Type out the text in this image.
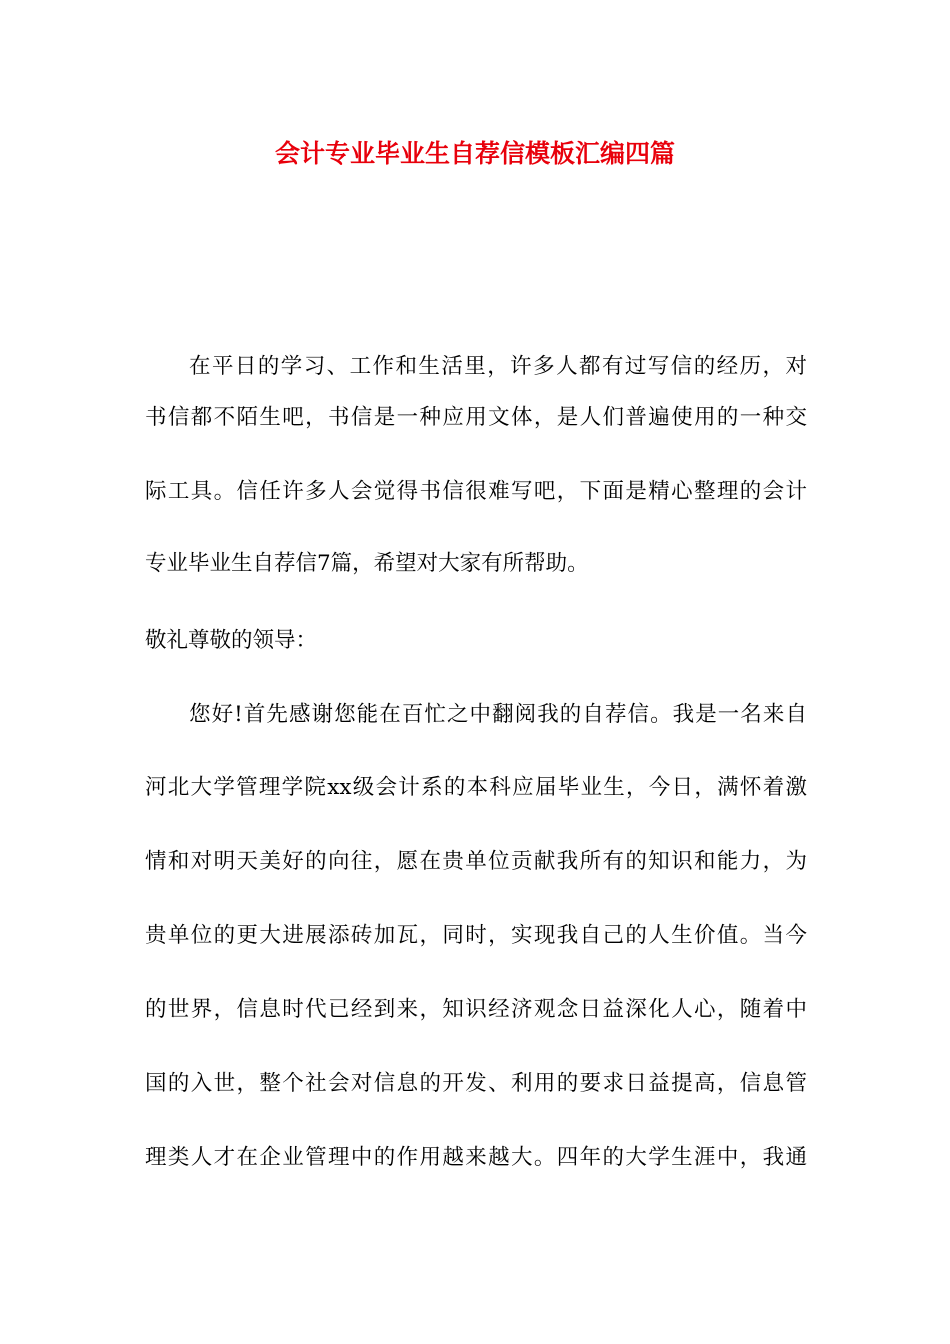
会计专业毕业生自荐信模板汇编四篇
在平日的学习、工作和生活里，许多人都有过写信的经历，对
书信都不陌生吧，书信是一种应用文体，是人们普遍使用的一种交
际工具。信任许多人会觉得书信很难写吧，下面是精心整理的会计
专业毕业生自荐信7篇，希望对大家有所帮助。
敬礼尊敬的领导：
您好!首先感谢您能在百忙之中翻阅我的自荐信。我是一名来自
河北大学管理学院xx级会计系的本科应届毕业生，今日，满怀着激
情和对明天美好的向往，愿在贵单位贡献我所有的知识和能力，为
贵单位的更大进展添砖加瓦，同时，实现我自己的人生价值。当今
的世界，信息时代已经到来，知识经济观念日益深化人心，随着中
国的入世，整个社会对信息的开发、利用的要求日益提高，信息管
理类人才在企业管理中的作用越来越大。四年的大学生涯中，我通
